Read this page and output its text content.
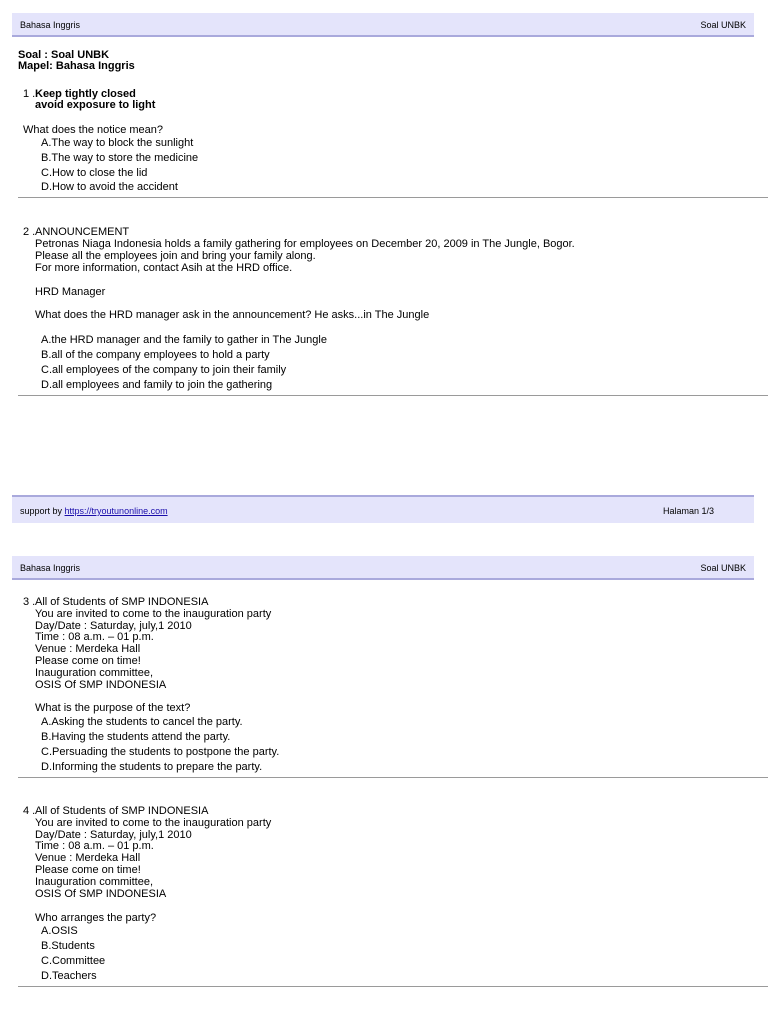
Bahasa Inggris	Soal UNBK
Soal : Soal UNBK
Mapel: Bahasa Inggris
1 . Keep tightly closed
avoid exposure to light
What does the notice mean?
A.The way to block the sunlight
B.The way to store the medicine
C.How to close the lid
D.How to avoid the accident
2 . ANNOUNCEMENT
Petronas Niaga Indonesia holds a family gathering for employees on December 20, 2009 in The Jungle, Bogor.
Please all the employees join and bring your family along.
For more information, contact Asih at the HRD office.
HRD Manager
What does the HRD manager ask in the announcement? He asks...in The Jungle
A.the HRD manager and the family to gather in The Jungle
B.all of the company employees to hold a party
C.all employees of the company to join their family
D.all employees and family to join the gathering
support by https://tryoutunonline.com	Halaman 1/3
Bahasa Inggris	Soal UNBK
3 . All of Students of SMP INDONESIA
You are invited to come to the inauguration party
Day/Date : Saturday, july,1 2010
Time : 08 a.m. – 01 p.m.
Venue : Merdeka Hall
Please come on time!
Inauguration committee,
OSIS Of SMP INDONESIA
What is the purpose of the text?
A.Asking the students to cancel the party.
B.Having the students attend the party.
C.Persuading the students to postpone the party.
D.Informing the students to prepare the party.
4 . All of Students of SMP INDONESIA
You are invited to come to the inauguration party
Day/Date : Saturday, july,1 2010
Time : 08 a.m. – 01 p.m.
Venue : Merdeka Hall
Please come on time!
Inauguration committee,
OSIS Of SMP INDONESIA
Who arranges the party?
A.OSIS
B.Students
C.Committee
D.Teachers
